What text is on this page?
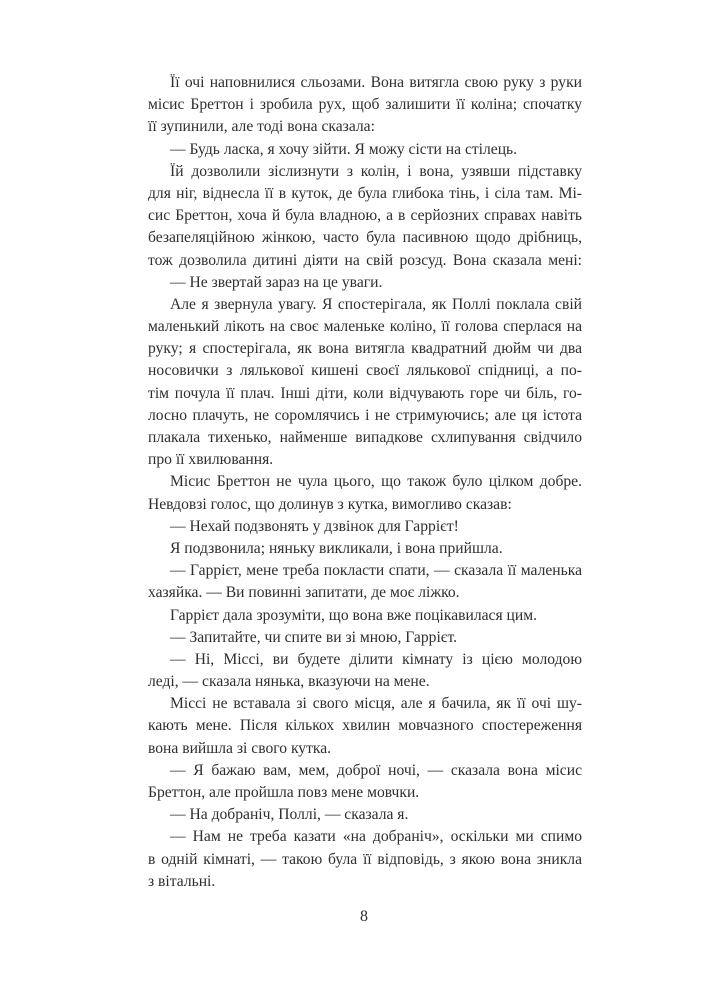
Її очі наповнилися сльозами. Вона витягла свою руку з руки
місис Бреттон і зробила рух, щоб залишити її коліна; спочатку
її зупинили, але тоді вона сказала:
— Будь ласка, я хочу зійти. Я можу сісти на стілець.
Їй дозволили зіслизнути з колін, і вона, узявши підставку
для ніг, віднесла її в куток, де була глибока тінь, і сіла там. Мі-
сис Бреттон, хоча й була владною, а в серйозних справах навіть
безапеляційною жінкою, часто була пасивною щодо дрібниць,
тож дозволила дитині діяти на свій розсуд. Вона сказала мені:
— Не звертай зараз на це уваги.
Але я звернула увагу. Я спостерігала, як Поллі поклала свій
маленький лікоть на своє маленьке коліно, її голова сперлася на
руку; я спостерігала, як вона витягла квадратний дюйм чи два
носовички з лялькової кишені своєї лялькової спідниці, а по-
тім почула її плач. Інші діти, коли відчувають горе чи біль, го-
лосно плачуть, не соромлячись і не стримуючись; але ця істота
плакала тихенько, найменше випадкове схлипування свідчило
про її хвилювання.
Місис Бреттон не чула цього, що також було цілком добре.
Невдовзі голос, що долинув з кутка, вимогливо сказав:
— Нехай подзвонять у дзвінок для Гаррієт!
Я подзвонила; няньку викликали, і вона прийшла.
— Гаррієт, мене треба покласти спати, — сказала її маленька
хазяйка. — Ви повинні запитати, де моє ліжко.
Гаррієт дала зрозуміти, що вона вже поцікавилася цим.
— Запитайте, чи спите ви зі мною, Гаррієт.
— Ні, Міссі, ви будете ділити кімнату із цією молодою
леді, — сказала нянька, вказуючи на мене.
Міссі не вставала зі свого місця, але я бачила, як її очі шу-
кають мене. Після кількох хвилин мовчазного спостереження
вона вийшла зі свого кутка.
— Я бажаю вам, мем, доброї ночі, — сказала вона місис
Бреттон, але пройшла повз мене мовчки.
— На добраніч, Поллі, — сказала я.
— Нам не треба казати «на добраніч», оскільки ми спимо
в одній кімнаті, — такою була її відповідь, з якою вона зникла
з вітальні.
8
